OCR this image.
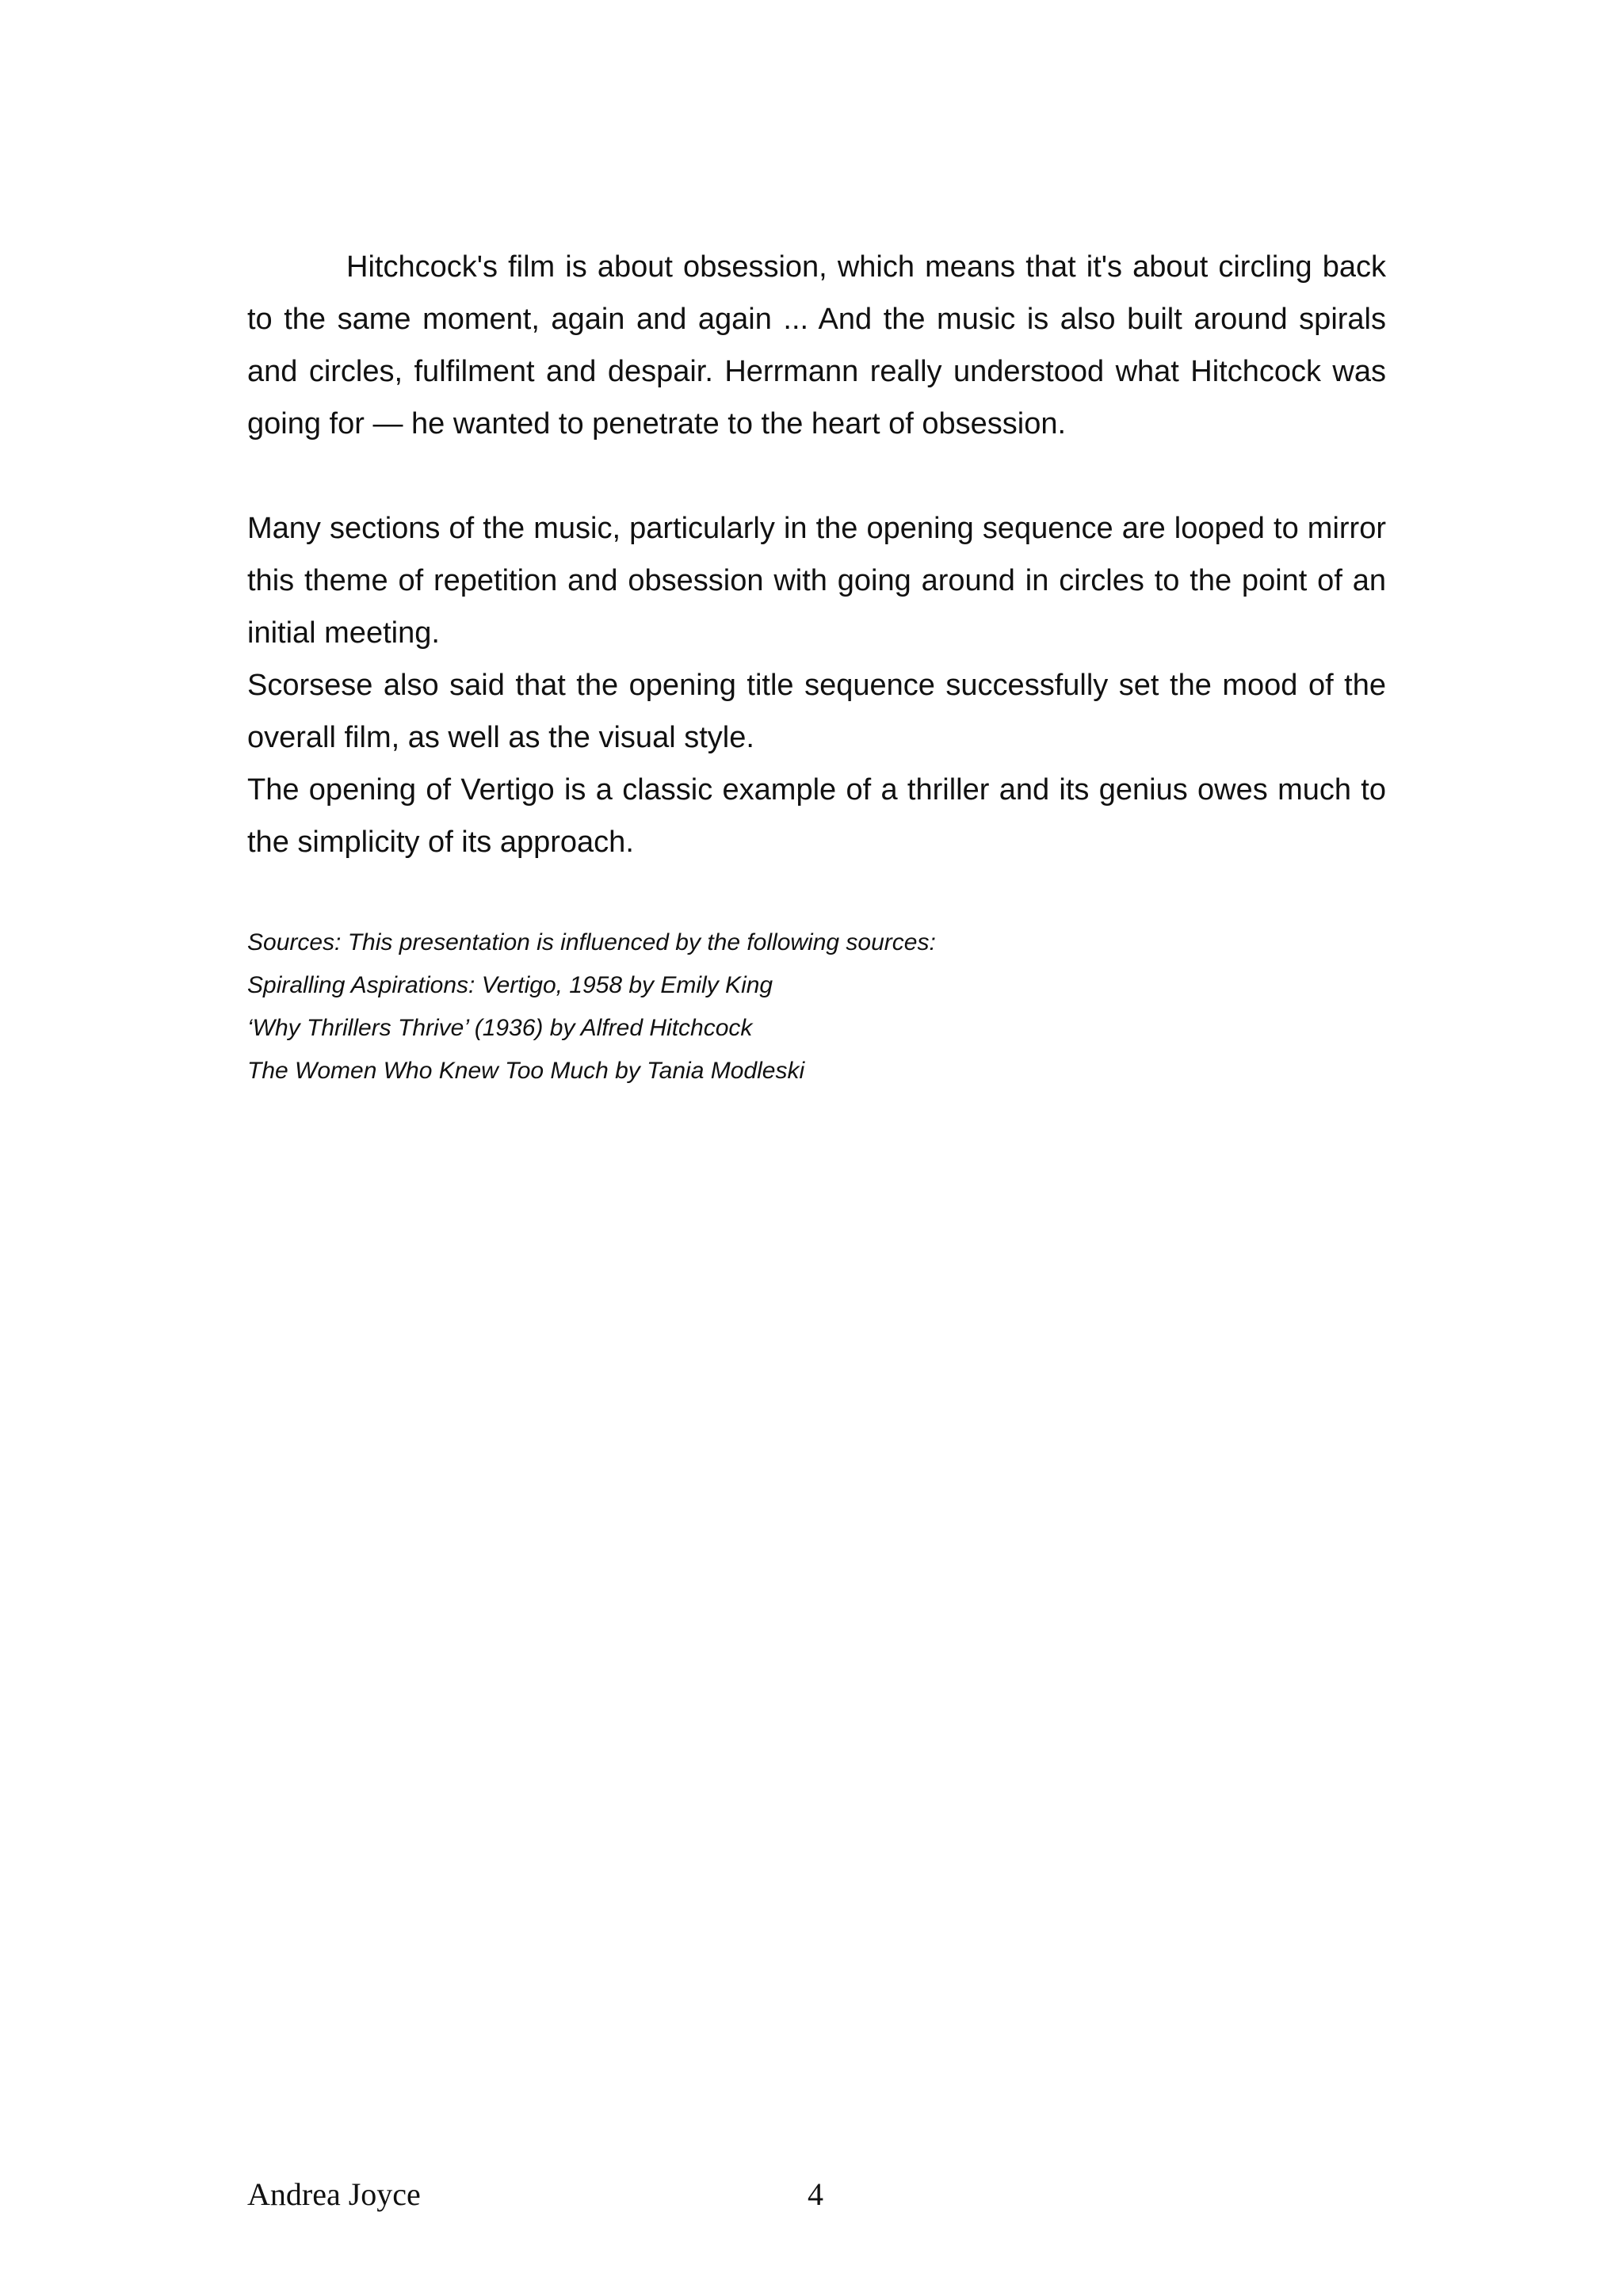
Hitchcock's film is about obsession, which means that it's about circling back to the same moment, again and again ... And the music is also built around spirals and circles, fulfilment and despair. Herrmann really understood what Hitchcock was going for — he wanted to penetrate to the heart of obsession.

Many sections of the music, particularly in the opening sequence are looped to mirror this theme of repetition and obsession with going around in circles to the point of an initial meeting.

Scorsese also said that the opening title sequence successfully set the mood of the overall film, as well as the visual style.

The opening of Vertigo is a classic example of a thriller and its genius owes much to the simplicity of its approach.

Sources: This presentation is influenced by the following sources:

Spiralling Aspirations: Vertigo, 1958 by Emily King

‘Why Thrillers Thrive’ (1936) by Alfred Hitchcock

The Women Who Knew Too Much by Tania Modleski

Andrea Joyce	4
